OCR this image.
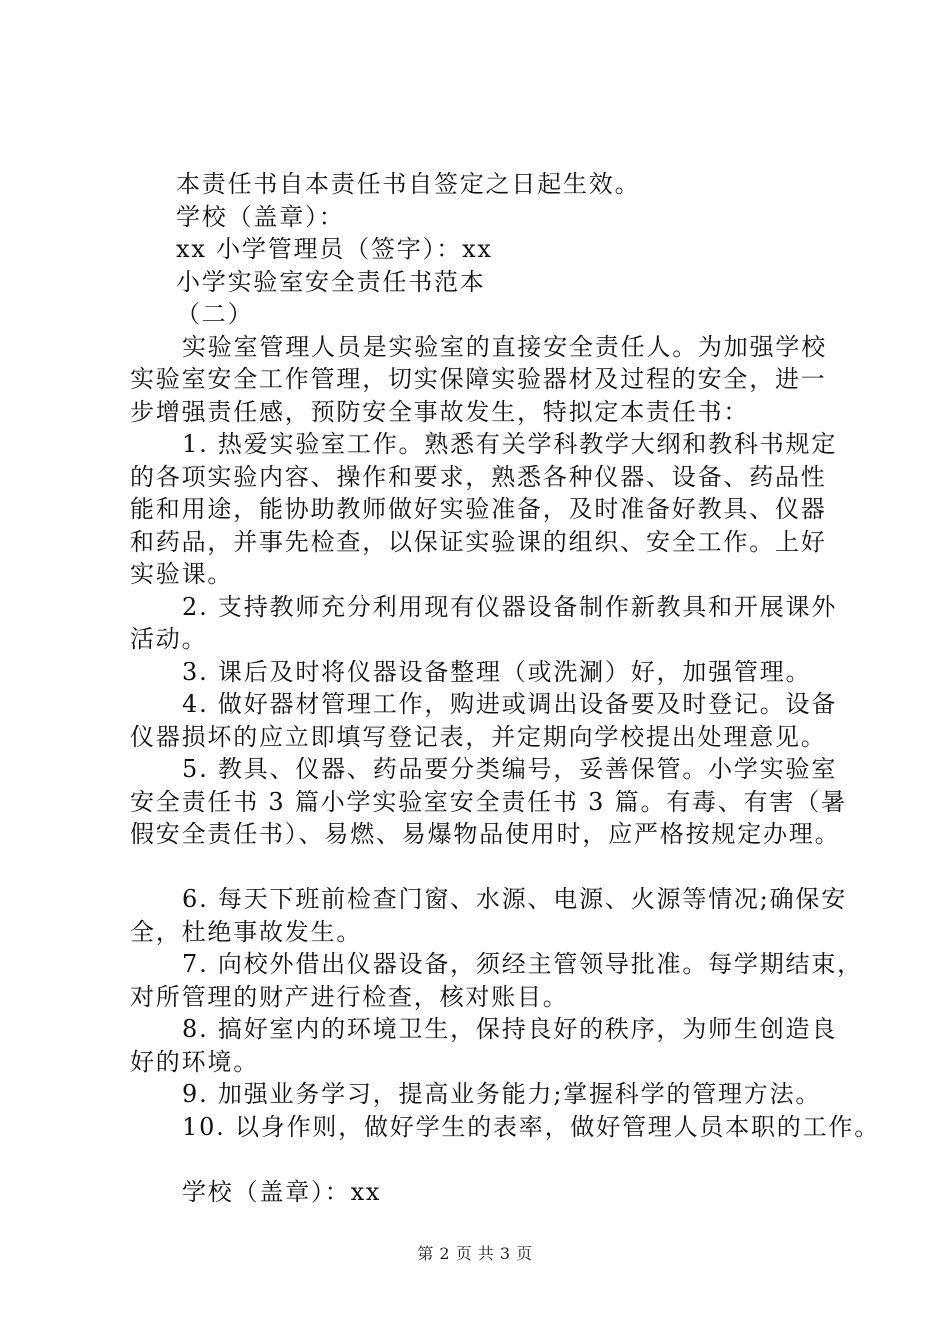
本责任书自本责任书自签定之日起生效。
学校（盖章）：
xx 小学管理员（签字）：xx
小学实验室安全责任书范本
（二）
实验室管理人员是实验室的直接安全责任人。为加强学校
实验室安全工作管理，切实保障实验器材及过程的安全，进一
步增强责任感，预防安全事故发生，特拟定本责任书：
1. 热爱实验室工作。熟悉有关学科教学大纲和教科书规定
的各项实验内容、操作和要求，熟悉各种仪器、设备、药品性
能和用途，能协助教师做好实验准备，及时准备好教具、仪器
和药品，并事先检查，以保证实验课的组织、安全工作。上好
实验课。
2. 支持教师充分利用现有仪器设备制作新教具和开展课外
活动。
3. 课后及时将仪器设备整理（或洗涮）好，加强管理。
4. 做好器材管理工作，购进或调出设备要及时登记。设备
仪器损坏的应立即填写登记表，并定期向学校提出处理意见。
5. 教具、仪器、药品要分类编号，妥善保管。小学实验室
安全责任书 3 篇小学实验室安全责任书 3 篇。有毒、有害（暑
假安全责任书）、易燃、易爆物品使用时，应严格按规定办理。
6. 每天下班前检查门窗、水源、电源、火源等情况;确保安
全，杜绝事故发生。
7. 向校外借出仪器设备，须经主管领导批准。每学期结束，
对所管理的财产进行检查，核对账目。
8. 搞好室内的环境卫生，保持良好的秩序，为师生创造良
好的环境。
9. 加强业务学习，提高业务能力;掌握科学的管理方法。
10. 以身作则，做好学生的表率，做好管理人员本职的工作。
学校（盖章）：xx
第 2 页 共 3 页
